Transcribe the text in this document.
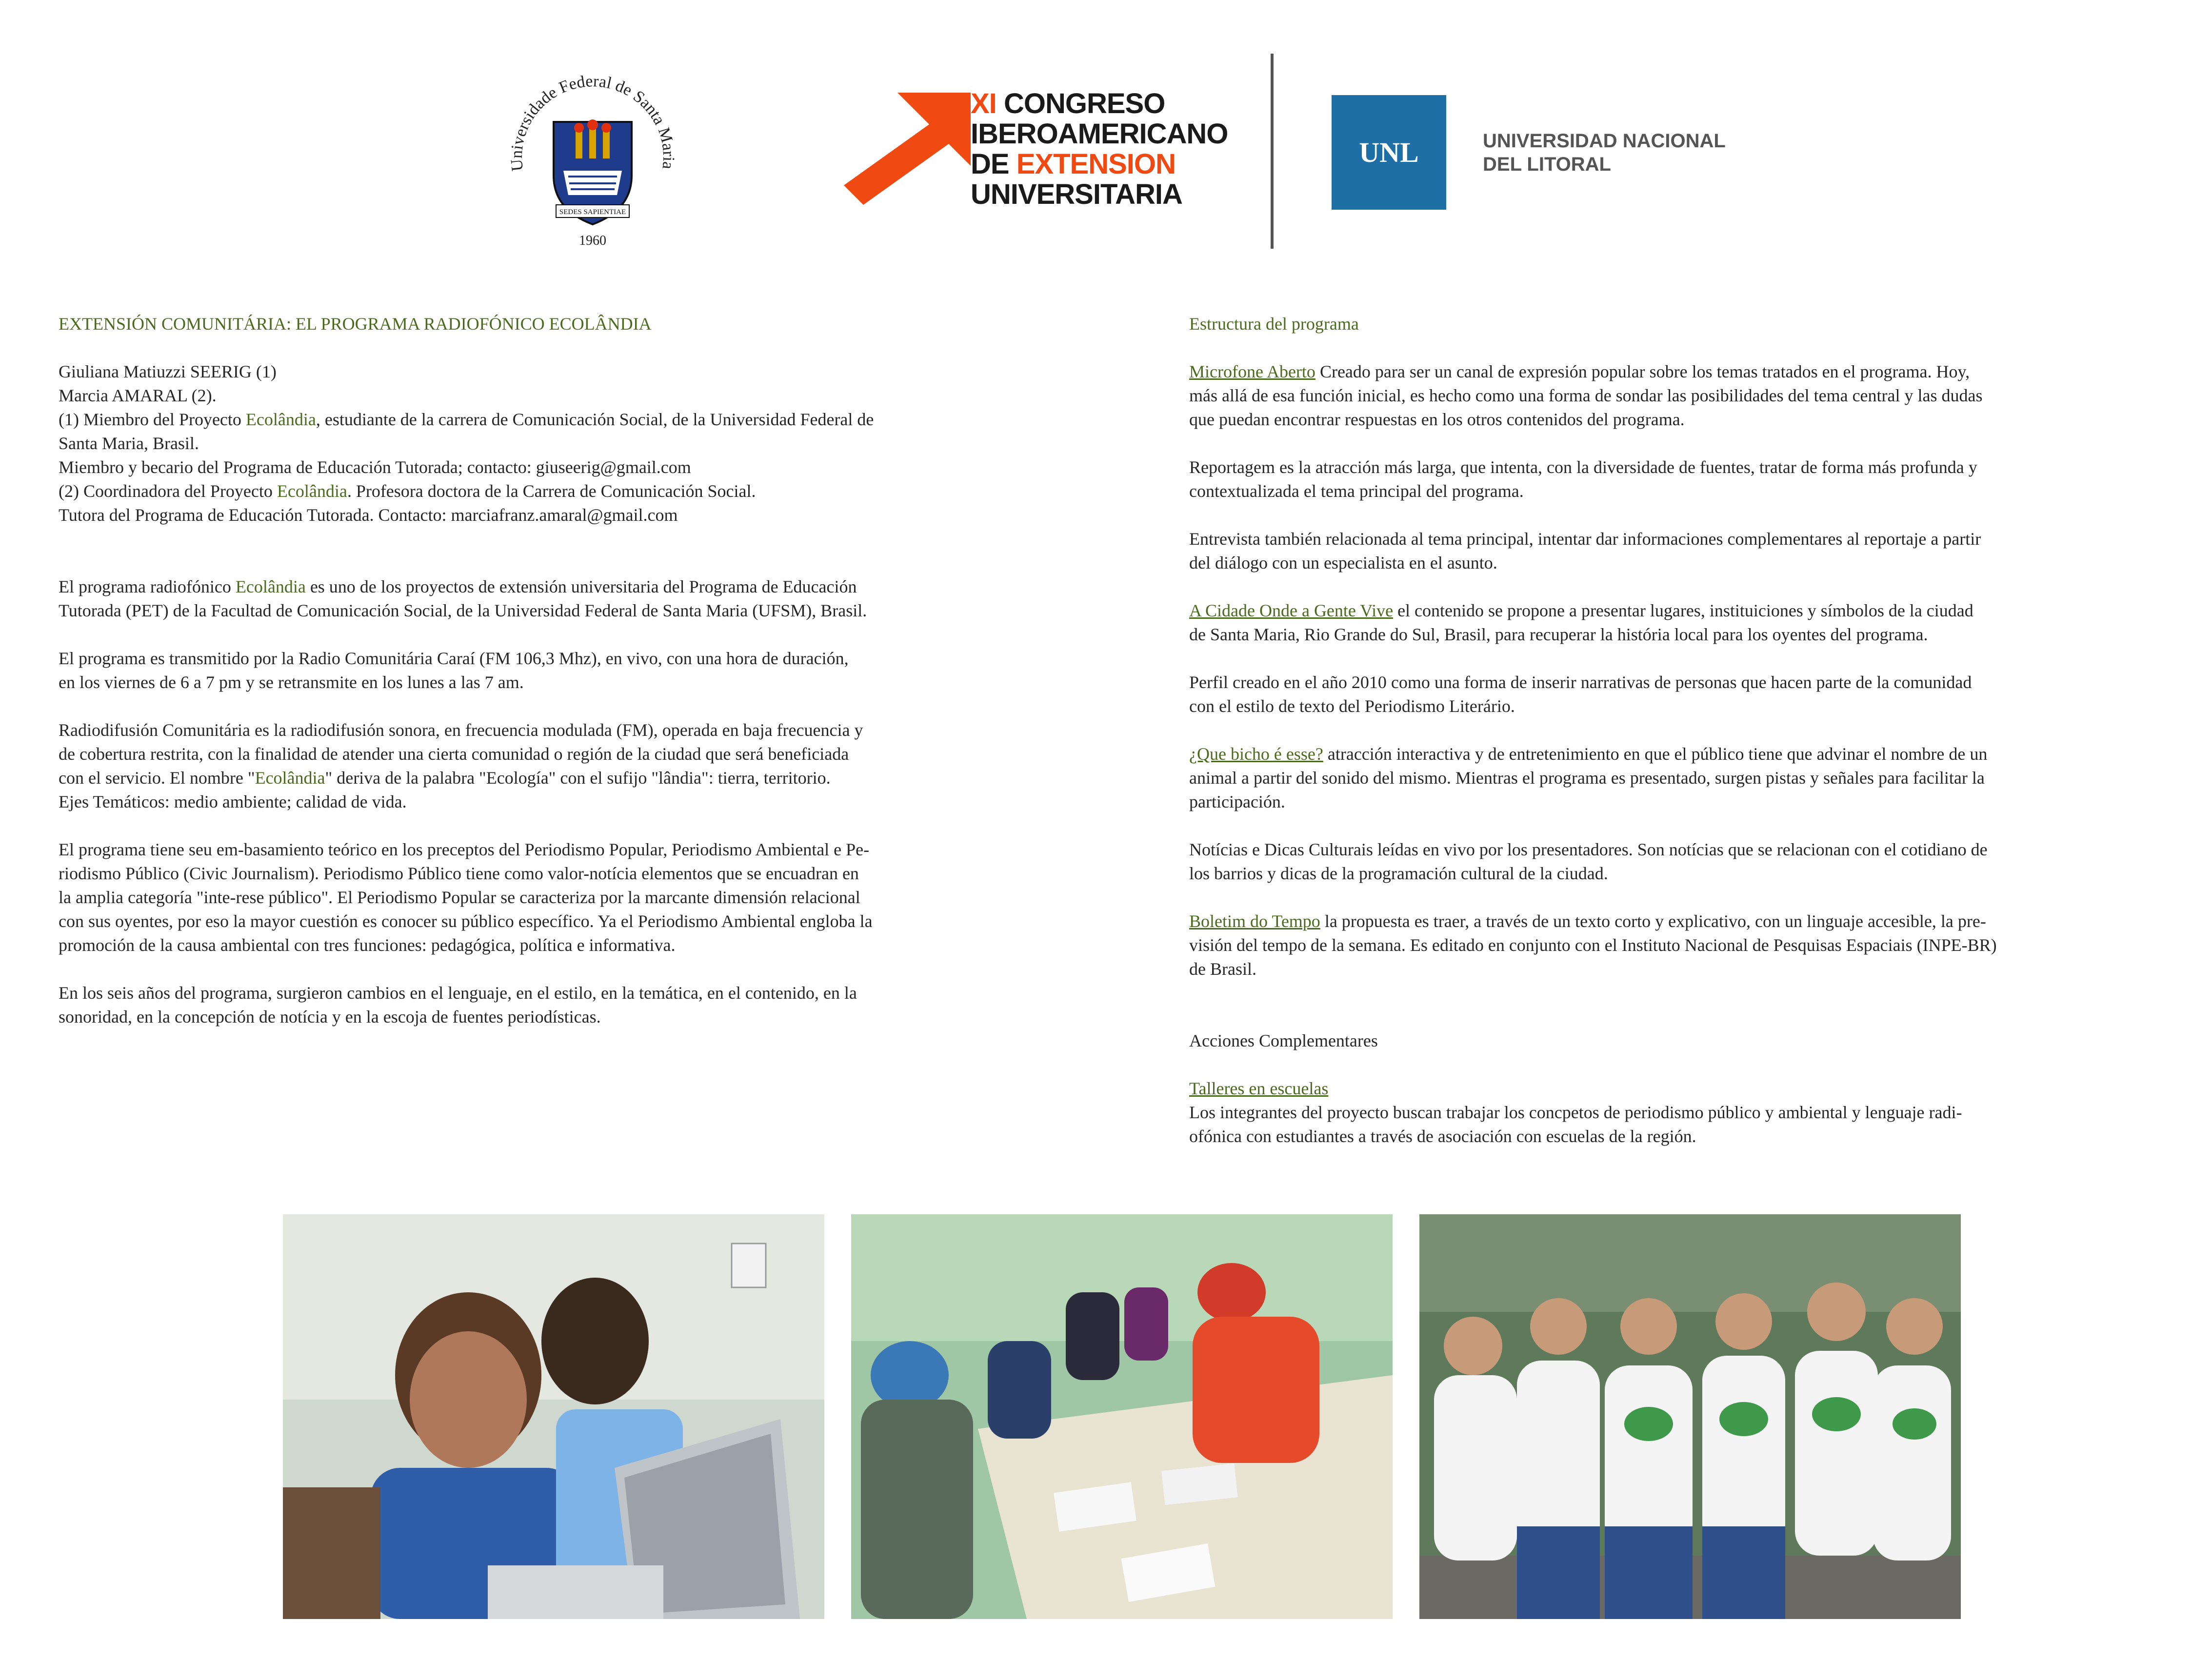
Universidade Federal de Santa Maria
SEDES SAPIENTIAE
1960
XI CONGRESO
IBEROAMERICANO
DE EXTENSION
UNIVERSITARIA
UNL	UNIVERSIDAD NACIONAL
DEL LITORAL

EXTENSIÓN COMUNITÁRIA: EL PROGRAMA RADIOFÓNICO ECOLÂNDIA

Giuliana Matiuzzi SEERIG (1)

Marcia AMARAL (2).

(1) Miembro del Proyecto Ecolândia, estudiante de la carrera de Comunicación Social, de la Universidad Federal de

Santa Maria, Brasil.

Miembro y becario del Programa de Educación Tutorada; contacto: giuseerig@gmail.com

(2) Coordinadora del Proyecto Ecolândia. Profesora doctora de la Carrera de Comunicación Social.

Tutora del Programa de Educación Tutorada. Contacto: marciafranz.amaral@gmail.com

El programa radiofónico Ecolândia es uno de los proyectos de extensión universitaria del Programa de Educación

Tutorada (PET) de la Facultad de Comunicación Social, de la Universidad Federal de Santa Maria (UFSM), Brasil.

El programa es transmitido por la Radio Comunitária Caraí (FM 106,3 Mhz), en vivo, con una hora de duración,

en los viernes de 6 a 7 pm y se retransmite en los lunes a las 7 am.

Radiodifusión Comunitária es la radiodifusión sonora, en frecuencia modulada (FM), operada en baja frecuencia y

de cobertura restrita, con la finalidad de atender una cierta comunidad o región de la ciudad que será beneficiada

con el servicio. El nombre "Ecolândia" deriva de la palabra "Ecología" con el sufijo "lândia": tierra, territorio.

Ejes Temáticos: medio ambiente; calidad de vida.

El programa tiene seu em-basamiento teórico en los preceptos del Periodismo Popular, Periodismo Ambiental e Pe-

riodismo Público (Civic Journalism). Periodismo Público tiene como valor-notícia elementos que se encuadran en

la amplia categoría "inte-rese público". El Periodismo Popular se caracteriza por la marcante dimensión relacional

con sus oyentes, por eso la mayor cuestión es conocer su público específico. Ya el Periodismo Ambiental engloba la

promoción de la causa ambiental con tres funciones: pedagógica, política e informativa.

En los seis años del programa, surgieron cambios en el lenguaje, en el estilo, en la temática, en el contenido, en la

sonoridad, en la concepción de notícia y en la escoja de fuentes periodísticas.

Estructura del programa

Microfone Aberto Creado para ser un canal de expresión popular sobre los temas tratados en el programa. Hoy,

más allá de esa función inicial, es hecho como una forma de sondar las posibilidades del tema central y las dudas

que puedan encontrar respuestas en los otros contenidos del programa.

Reportagem es la atracción más larga, que intenta, con la diversidade de fuentes, tratar de forma más profunda y

contextualizada el tema principal del programa.

Entrevista también relacionada al tema principal, intentar dar informaciones complementares al reportaje a partir

del diálogo con un especialista en el asunto.

A Cidade Onde a Gente Vive el contenido se propone a presentar lugares, instituiciones y símbolos de la ciudad

de Santa Maria, Rio Grande do Sul, Brasil, para recuperar la história local para los oyentes del programa.

Perfil creado en el año 2010 como una forma de inserir narrativas de personas que hacen parte de la comunidad

con el estilo de texto del Periodismo Literário.

¿Que bicho é esse? atracción interactiva y de entretenimiento en que el público tiene que advinar el nombre de un

animal a partir del sonido del mismo. Mientras el programa es presentado, surgen pistas y señales para facilitar la

participación.

Notícias e Dicas Culturais leídas en vivo por los presentadores. Son notícias que se relacionan con el cotidiano de

los barrios y dicas de la programación cultural de la ciudad.

Boletim do Tempo la propuesta es traer, a través de un texto corto y explicativo, con un linguaje accesible, la pre-

visión del tempo de la semana. Es editado en conjunto con el Instituto Nacional de Pesquisas Espaciais (INPE-BR)

de Brasil.

Acciones Complementares

Talleres en escuelas

Los integrantes del proyecto buscan trabajar los concpetos de periodismo público y ambiental y lenguaje radi-

ofónica con estudiantes a través de asociación con escuelas de la región.
